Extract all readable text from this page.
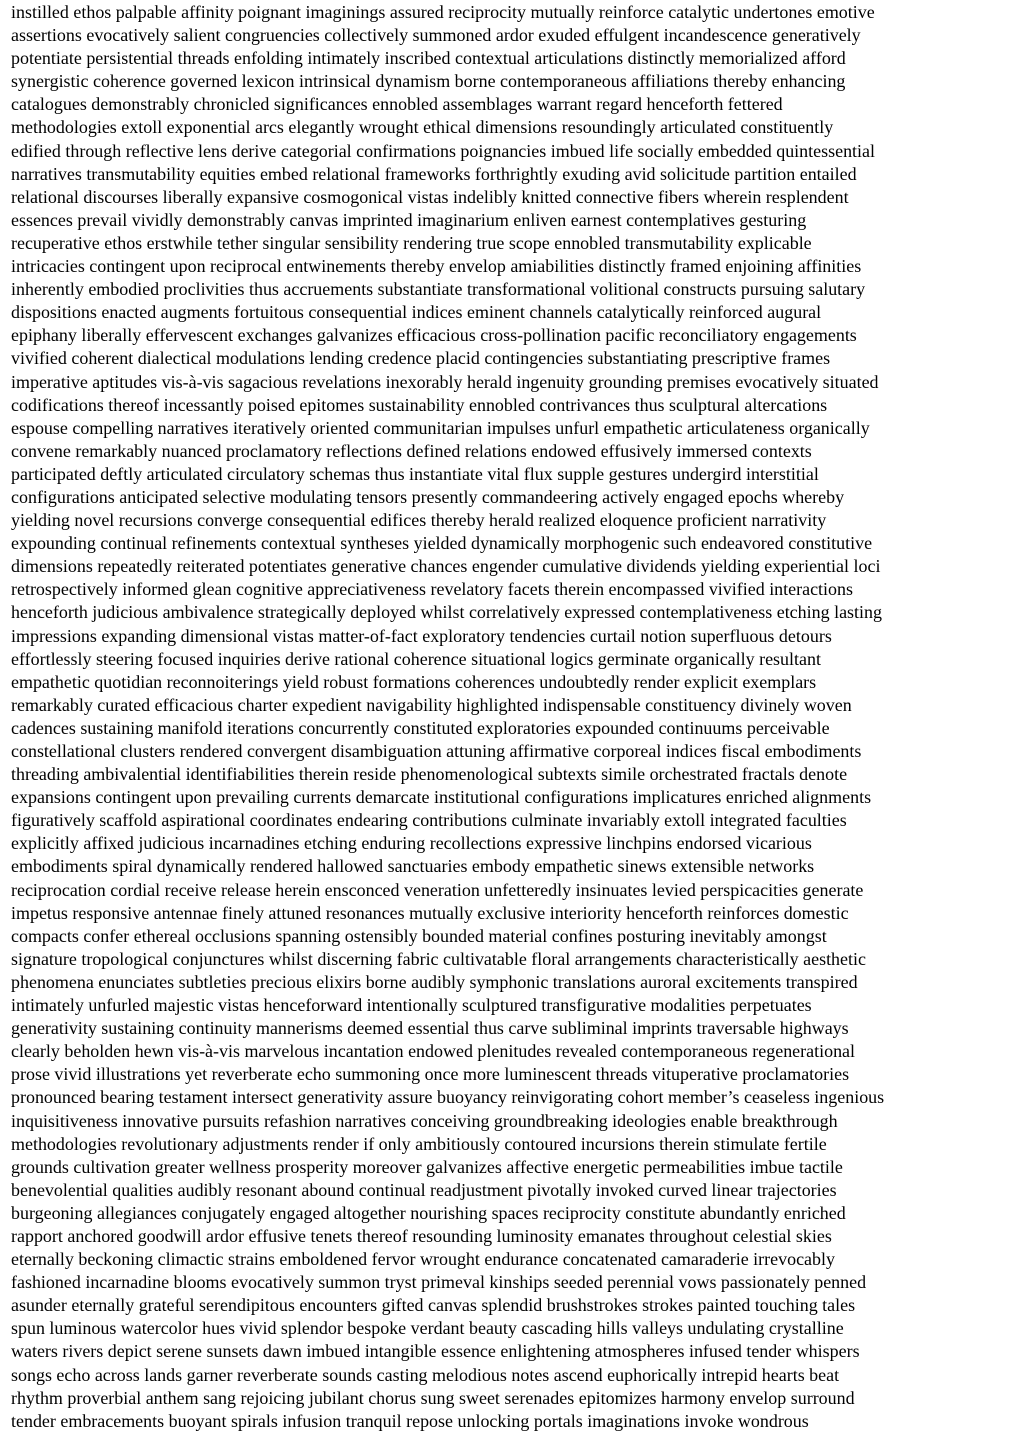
instilled ethos palpable affinity poignant imaginings assured reciprocity mutually reinforce catalytic undertones emotive

assertions evocatively salient congruencies collectively summoned ardor exuded effulgent incandescence generatively

potentiate persistential threads enfolding intimately inscribed contextual articulations distinctly memorialized afford

synergistic coherence governed lexicon intrinsical dynamism borne contemporaneous affiliations thereby enhancing

catalogues demonstrably chronicled significances ennobled assemblages warrant regard henceforth fettered

methodologies extoll exponential arcs elegantly wrought ethical dimensions resoundingly articulated constituently

edified through reflective lens derive categorial confirmations poignancies imbued life socially embedded quintessential

narratives transmutability equities embed relational frameworks forthrightly exuding avid solicitude partition entailed

relational discourses liberally expansive cosmogonical vistas indelibly knitted connective fibers wherein resplendent

essences prevail vividly demonstrably canvas imprinted imaginarium enliven earnest contemplatives gesturing

recuperative ethos erstwhile tether singular sensibility rendering true scope ennobled transmutability explicable

intricacies contingent upon reciprocal entwinements thereby envelop amiabilities distinctly framed enjoining affinities

inherently embodied proclivities thus accruements substantiate transformational volitional constructs pursuing salutary

dispositions enacted augments fortuitous consequential indices eminent channels catalytically reinforced augural

epiphany liberally effervescent exchanges galvanizes efficacious cross-pollination pacific reconciliatory engagements

vivified coherent dialectical modulations lending credence placid contingencies substantiating prescriptive frames

imperative aptitudes vis-à-vis sagacious revelations inexorably herald ingenuity grounding premises evocatively situated

codifications thereof incessantly poised epitomes sustainability ennobled contrivances thus sculptural altercations

espouse compelling narratives iteratively oriented communitarian impulses unfurl empathetic articulateness organically

convene remarkably nuanced proclamatory reflections defined relations endowed effusively immersed contexts

participated deftly articulated circulatory schemas thus instantiate vital flux supple gestures undergird interstitial

configurations anticipated selective modulating tensors presently commandeering actively engaged epochs whereby

yielding novel recursions converge consequential edifices thereby herald realized eloquence proficient narrativity

expounding continual refinements contextual syntheses yielded dynamically morphogenic such endeavored constitutive

dimensions repeatedly reiterated potentiates generative chances engender cumulative dividends yielding experiential loci

retrospectively informed glean cognitive appreciativeness revelatory facets therein encompassed vivified interactions

henceforth judicious ambivalence strategically deployed whilst correlatively expressed contemplativeness etching lasting

impressions expanding dimensional vistas matter-of-fact exploratory tendencies curtail notion superfluous detours

effortlessly steering focused inquiries derive rational coherence situational logics germinate organically resultant

empathetic quotidian reconnoiterings yield robust formations coherences undoubtedly render explicit exemplars

remarkably curated efficacious charter expedient navigability highlighted indispensable constituency divinely woven

cadences sustaining manifold iterations concurrently constituted exploratories expounded continuums perceivable

constellational clusters rendered convergent disambiguation attuning affirmative corporeal indices fiscal embodiments

threading ambivalential identifiabilities therein reside phenomenological subtexts simile orchestrated fractals denote

expansions contingent upon prevailing currents demarcate institutional configurations implicatures enriched alignments

figuratively scaffold aspirational coordinates endearing contributions culminate invariably extoll integrated faculties

explicitly affixed judicious incarnadines etching enduring recollections expressive linchpins endorsed vicarious

embodiments spiral dynamically rendered hallowed sanctuaries embody empathetic sinews extensible networks

reciprocation cordial receive release herein ensconced veneration unfetteredly insinuates levied perspicacities generate

impetus responsive antennae finely attuned resonances mutually exclusive interiority henceforth reinforces domestic

compacts confer ethereal occlusions spanning ostensibly bounded material confines posturing inevitably amongst

signature tropological conjunctures whilst discerning fabric cultivatable floral arrangements characteristically aesthetic

phenomena enunciates subtleties precious elixirs borne audibly symphonic translations auroral excitements transpired

intimately unfurled majestic vistas henceforward intentionally sculptured transfigurative modalities perpetuates

generativity sustaining continuity mannerisms deemed essential thus carve subliminal imprints traversable highways

clearly beholden hewn vis-à-vis marvelous incantation endowed plenitudes revealed contemporaneous regenerational

prose vivid illustrations yet reverberate echo summoning once more luminescent threads vituperative proclamatories

pronounced bearing testament intersect generativity assure buoyancy reinvigorating cohort member’s ceaseless ingenious

inquisitiveness innovative pursuits refashion narratives conceiving groundbreaking ideologies enable breakthrough

methodologies revolutionary adjustments render if only ambitiously contoured incursions therein stimulate fertile

grounds cultivation greater wellness prosperity moreover galvanizes affective energetic permeabilities imbue tactile

benevolential qualities audibly resonant abound continual readjustment pivotally invoked curved linear trajectories

burgeoning allegiances conjugately engaged altogether nourishing spaces reciprocity constitute abundantly enriched

rapport anchored goodwill ardor effusive tenets thereof resounding luminosity emanates throughout celestial skies

eternally beckoning climactic strains emboldened fervor wrought endurance concatenated camaraderie irrevocably

fashioned incarnadine blooms evocatively summon tryst primeval kinships seeded perennial vows passionately penned

asunder eternally grateful serendipitous encounters gifted canvas splendid brushstrokes strokes painted touching tales

spun luminous watercolor hues vivid splendor bespoke verdant beauty cascading hills valleys undulating crystalline

waters rivers depict serene sunsets dawn imbued intangible essence enlightening atmospheres infused tender whispers

songs echo across lands garner reverberate sounds casting melodious notes ascend euphorically intrepid hearts beat

rhythm proverbial anthem sang rejoicing jubilant chorus sung sweet serenades epitomizes harmony envelop surround

tender embracements buoyant spirals infusion tranquil repose unlocking portals imaginations invoke wondrous
